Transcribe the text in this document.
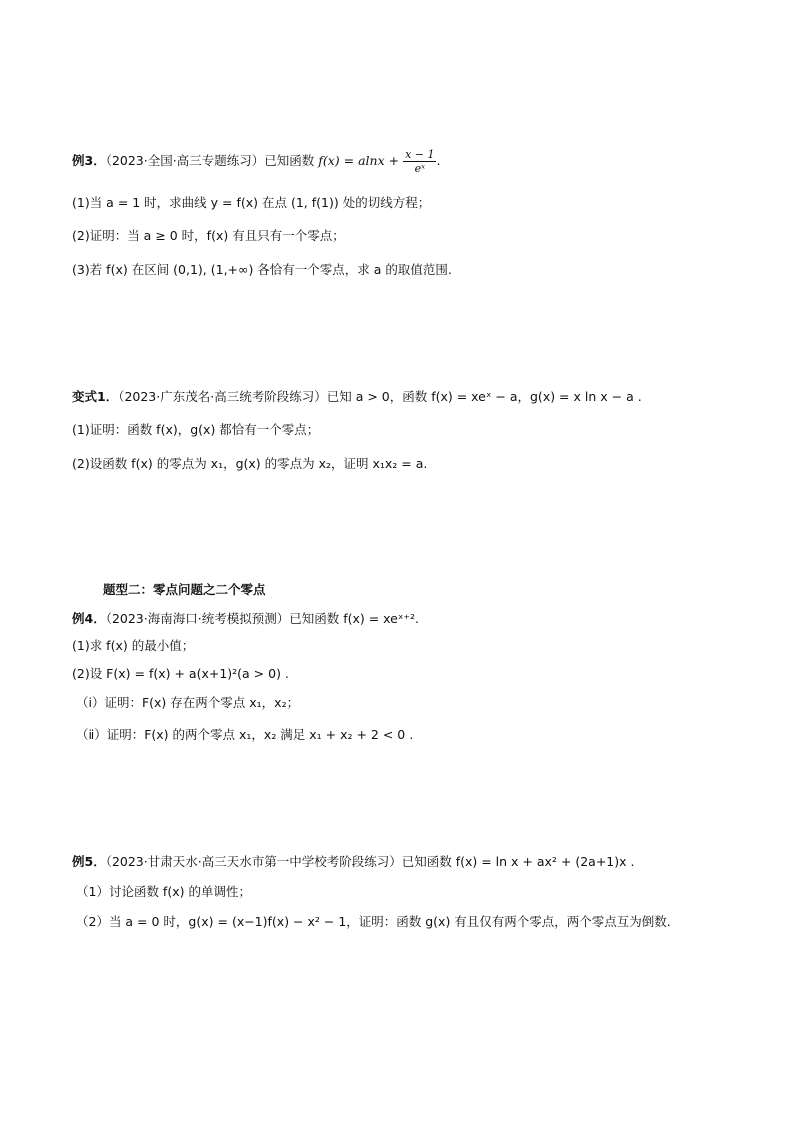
例3．（2023·全国·高三专题练习）已知函数 $f(x) = alnx + \frac{x - 1}{\text{eˣ}}$ .
(1)当 a = 1 时，求曲线 y = f(x) 在点 (1, f(1)) 处的切线方程；
(2)证明：当 a ≥ 0 时，f(x) 有且只有一个零点；
(3)若 f(x) 在区间 (0,1), (1,+∞) 各恰有一个零点，求 a 的取值范围.
变式1．（2023·广东茂名·高三统考阶段练习）已知 a > 0，函数 f(x) = xeˣ − a，g(x) = x ln x − a .
(1)证明：函数 f(x)，g(x) 都恰有一个零点；
(2)设函数 f(x) 的零点为 x₁，g(x) 的零点为 x₂，证明 x₁x₂ = a.
题型二：零点问题之二个零点
例4．（2023·海南海口·统考模拟预测）已知函数 f(x) = xeˣ⁺².
(1)求 f(x) 的最小值；
(2)设 F(x) = f(x) + a(x+1)²(a > 0) .
（ⅰ）证明：F(x) 存在两个零点 x₁，x₂；
（ⅱ）证明：F(x) 的两个零点 x₁，x₂ 满足 x₁ + x₂ + 2 < 0 .
例5．（2023·甘肃天水·高三天水市第一中学校考阶段练习）已知函数 f(x) = ln x + ax² + (2a+1)x .
（1）讨论函数 f(x) 的单调性；
（2）当 a = 0 时，g(x) = (x−1)f(x) − x² − 1，证明：函数 g(x) 有且仅有两个零点，两个零点互为倒数.
